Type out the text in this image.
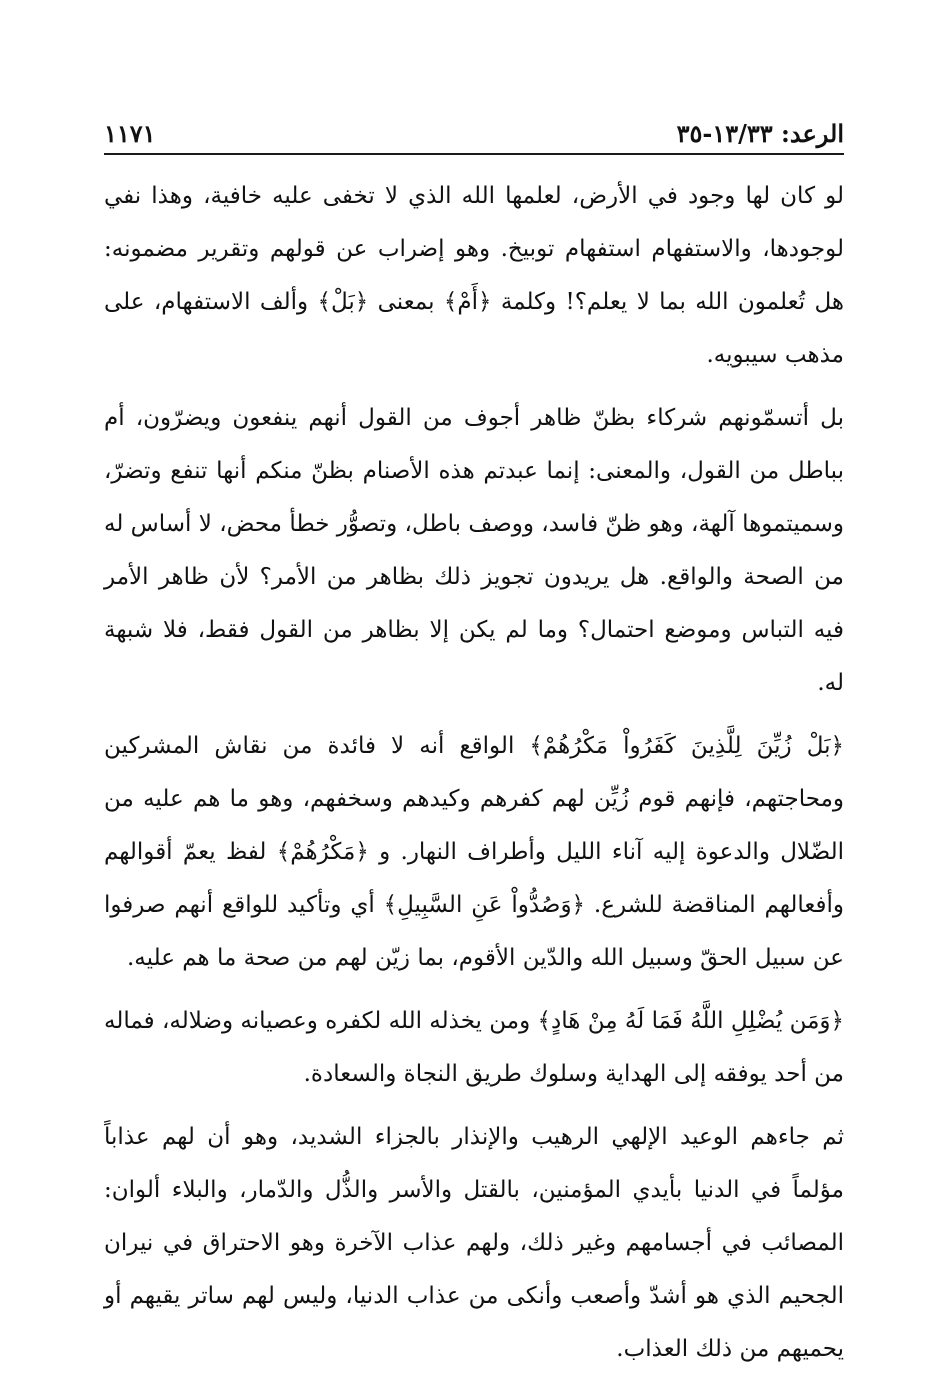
الرعد: ١٣/٣٣-٣٥
١١٧١

لو كان لها وجود في الأرض، لعلمها الله الذي لا تخفى عليه خافية، وهذا نفي لوجودها، والاستفهام استفهام توبيخ. وهو إضراب عن قولهم وتقرير مضمونه: هل تُعلمون الله بما لا يعلم؟! وكلمة ﴿أَمْ﴾ بمعنى ﴿بَلْ﴾ وألف الاستفهام، على مذهب سيبويه.

بل أتسمّونهم شركاء بظنّ ظاهر أجوف من القول أنهم ينفعون ويضرّون، أم بباطل من القول، والمعنى: إنما عبدتم هذه الأصنام بظنّ منكم أنها تنفع وتضرّ، وسميتموها آلهة، وهو ظنّ فاسد، ووصف باطل، وتصوُّر خطأ محض، لا أساس له من الصحة والواقع. هل يريدون تجويز ذلك بظاهر من الأمر؟ لأن ظاهر الأمر فيه التباس وموضع احتمال؟ وما لم يكن إلا بظاهر من القول فقط، فلا شبهة له.

﴿بَلْ زُيِّنَ لِلَّذِينَ كَفَرُواْ مَكْرُهُمْ﴾ الواقع أنه لا فائدة من نقاش المشركين ومحاجتهم، فإنهم قوم زُيِّن لهم كفرهم وكيدهم وسخفهم، وهو ما هم عليه من الضّلال والدعوة إليه آناء الليل وأطراف النهار. و ﴿مَكْرُهُمْ﴾ لفظ يعمّ أقوالهم وأفعالهم المناقضة للشرع. ﴿وَصُدُّواْ عَنِ السَّبِيلِ﴾ أي وتأكيد للواقع أنهم صرفوا عن سبيل الحقّ وسبيل الله والدّين الأقوم، بما زيّن لهم من صحة ما هم عليه.

﴿وَمَن يُضْلِلِ اللَّهُ فَمَا لَهُ مِنْ هَادٍ﴾ ومن يخذله الله لكفره وعصيانه وضلاله، فماله من أحد يوفقه إلى الهداية وسلوك طريق النجاة والسعادة.

ثم جاءهم الوعيد الإلهي الرهيب والإنذار بالجزاء الشديد، وهو أن لهم عذاباً مؤلماً في الدنيا بأيدي المؤمنين، بالقتل والأسر والذُّل والدّمار، والبلاء ألوان: المصائب في أجسامهم وغير ذلك، ولهم عذاب الآخرة وهو الاحتراق في نيران الجحيم الذي هو أشدّ وأصعب وأنكى من عذاب الدنيا، وليس لهم ساتر يقيهم أو يحميهم من ذلك العذاب.
